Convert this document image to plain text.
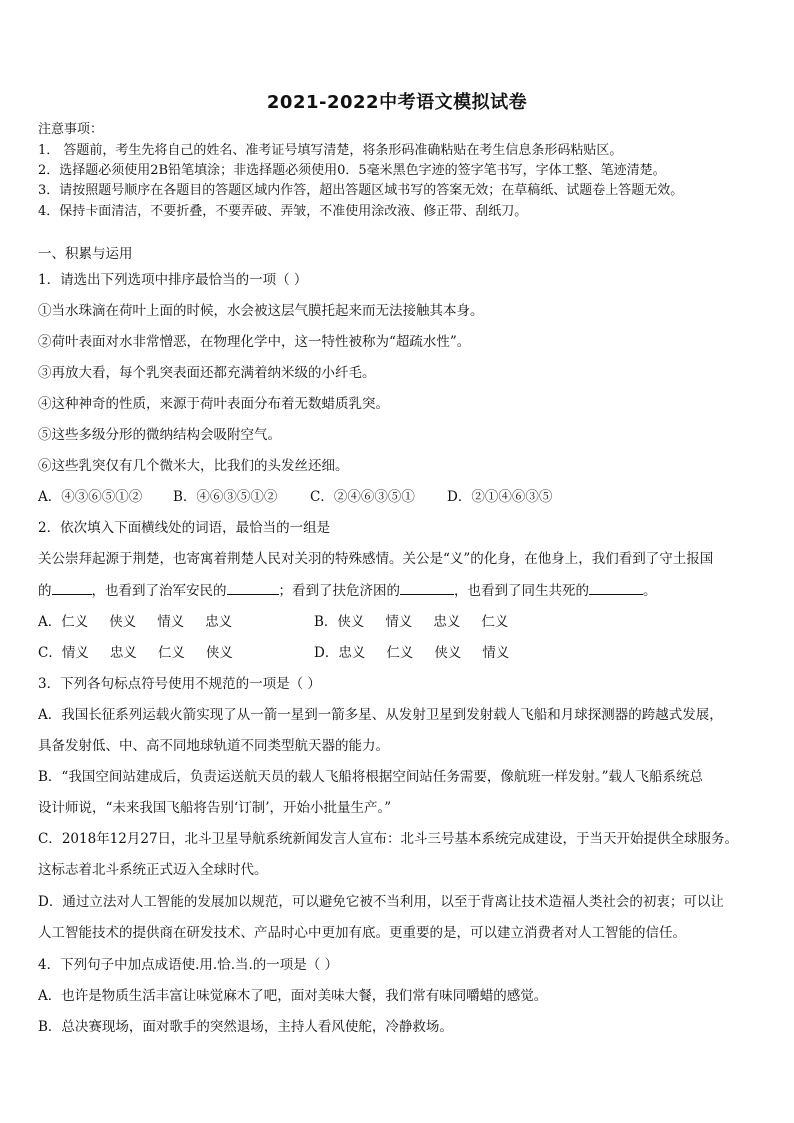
2021-2022中考语文模拟试卷
注意事项：
1． 答题前，考生先将自己的姓名、准考证号填写清楚，将条形码准确粘贴在考生信息条形码粘贴区。
2．选择题必须使用2B铅笔填涂；非选择题必须使用0．5毫米黑色字迹的签字笔书写，字体工整、笔迹清楚。
3．请按照题号顺序在各题目的答题区域内作答，超出答题区域书写的答案无效；在草稿纸、试题卷上答题无效。
4．保持卡面清洁，不要折叠，不要弄破、弄皱，不准使用涂改液、修正带、刮纸刀。
一、积累与运用
1．请选出下列选项中排序最恰当的一项（ ）
①当水珠滴在荷叶上面的时候，水会被这层气膜托起来而无法接触其本身。
②荷叶表面对水非常憎恶，在物理化学中，这一特性被称为“超疏水性”。
③再放大看，每个乳突表面还都充满着纳米级的小纤毛。
④这种神奇的性质，来源于荷叶表面分布着无数蜡质乳突。
⑤这些多级分形的微纳结构会吸附空气。
⑥这些乳突仅有几个微米大，比我们的头发丝还细。
A．④③⑥⑤①② B．④⑥③⑤①② C．②④⑥③⑤① D．②①④⑥③⑤
2．依次填入下面横线处的词语，最恰当的一组是
关公崇拜起源于荆楚，也寄寓着荆楚人民对关羽的特殊感情。关公是“义”的化身，在他身上，我们看到了守土报国
的	，也看到了治军安民的	；看到了扶危济困的	，也看到了同生共死的	。
A．仁义 侠义 情义 忠义	B．侠义 情义 忠义 仁义
C．情义 忠义 仁义 侠义	D．忠义 仁义 侠义 情义
3．下列各句标点符号使用不规范的一项是（ ）
A．我国长征系列运载火箭实现了从一箭一星到一箭多星、从发射卫星到发射载人飞船和月球探测器的跨越式发展，
具备发射低、中、高不同地球轨道不同类型航天器的能力。
B．“我国空间站建成后，负责运送航天员的载人飞船将根据空间站任务需要，像航班一样发射。”载人飞船系统总
设计师说，“未来我国飞船将告别‘订制’，开始小批量生产。”
C．2018年12月27日，北斗卫星导航系统新闻发言人宣布：北斗三号基本系统完成建设，于当天开始提供全球服务。
这标志着北斗系统正式迈入全球时代。
D．通过立法对人工智能的发展加以规范，可以避免它被不当利用，以至于背离让技术造福人类社会的初衷；可以让
人工智能技术的提供商在研发技术、产品时心中更加有底。更重要的是，可以建立消费者对人工智能的信任。
4．下列句子中加点成语使.用.恰.当.的一项是（ ）
A．也许是物质生活丰富让味觉麻木了吧，面对美味大餐，我们常有味同嚼蜡的感觉。
B．总决赛现场，面对歌手的突然退场，主持人看风使舵，冷静救场。
